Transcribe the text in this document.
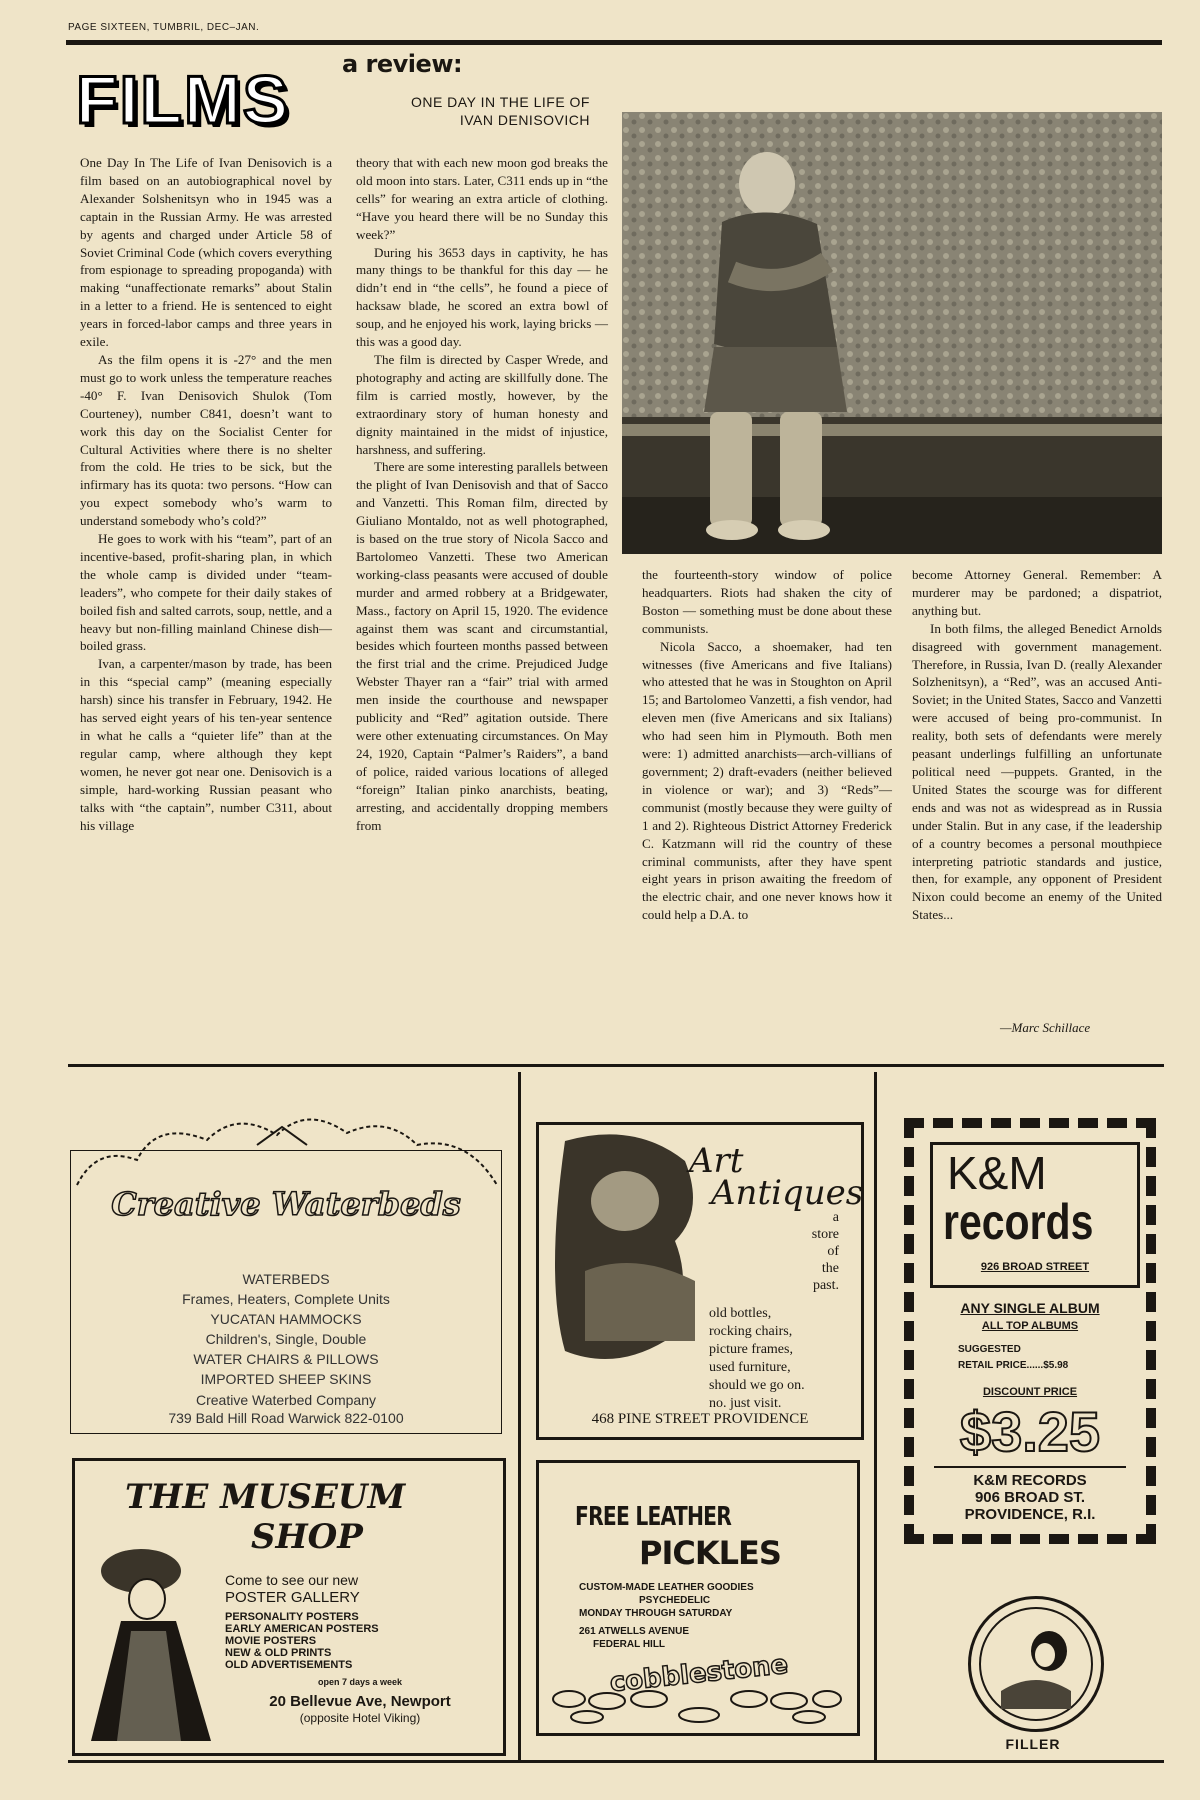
PAGE SIXTEEN, TUMBRIL, DEC–JAN.
FILMS a review:
ONE DAY IN THE LIFE OF
IVAN DENISOVICH

One Day In The Life of Ivan Denisovich is a film based on an autobiographical novel by Alexander Solshenitsyn who in 1945 was a captain in the Russian Army. He was arrested by agents and charged under Article 58 of Soviet Criminal Code (which covers everything from espionage to spreading propoganda) with making “unaffectionate remarks” about Stalin in a letter to a friend. He is sentenced to eight years in forced-labor camps and three years in exile.

As the film opens it is -27° and the men must go to work unless the temperature reaches -40° F. Ivan Denisovich Shulok (Tom Courteney), number C841, doesn’t want to work this day on the Socialist Center for Cultural Activities where there is no shelter from the cold. He tries to be sick, but the infirmary has its quota: two persons. “How can you expect somebody who’s warm to understand somebody who’s cold?”

He goes to work with his “team”, part of an incentive-based, profit-sharing plan, in which the whole camp is divided under “team-leaders”, who compete for their daily stakes of boiled fish and salted carrots, soup, nettle, and a heavy but non-filling mainland Chinese dish—boiled grass.

Ivan, a carpenter/mason by trade, has been in this “special camp” (meaning especially harsh) since his transfer in February, 1942. He has served eight years of his ten-year sentence in what he calls a “quieter life” than at the regular camp, where although they kept women, he never got near one. Denisovich is a simple, hard-working Russian peasant who talks with “the captain”, number C311, about his village

theory that with each new moon god breaks the old moon into stars. Later, C311 ends up in “the cells” for wearing an extra article of clothing. “Have you heard there will be no Sunday this week?”

During his 3653 days in captivity, he has many things to be thankful for this day — he didn’t end in “the cells”, he found a piece of hacksaw blade, he scored an extra bowl of soup, and he enjoyed his work, laying bricks — this was a good day.

The film is directed by Casper Wrede, and photography and acting are skillfully done. The film is carried mostly, however, by the extraordinary story of human honesty and dignity maintained in the midst of injustice, harshness, and suffering.

There are some interesting parallels between the plight of Ivan Denisovish and that of Sacco and Vanzetti. This Roman film, directed by Giuliano Montaldo, not as well photographed, is based on the true story of Nicola Sacco and Bartolomeo Vanzetti. These two American working-class peasants were accused of double murder and armed robbery at a Bridgewater, Mass., factory on April 15, 1920. The evidence against them was scant and circumstantial, besides which fourteen months passed between the first trial and the crime. Prejudiced Judge Webster Thayer ran a “fair” trial with armed men inside the courthouse and newspaper publicity and “Red” agitation outside. There were other extenuating circumstances. On May 24, 1920, Captain “Palmer’s Raiders”, a band of police, raided various locations of alleged “foreign” Italian pinko anarchists, beating, arresting, and accidentally dropping members from

the fourteenth-story window of police headquarters. Riots had shaken the city of Boston — something must be done about these communists.

Nicola Sacco, a shoemaker, had ten witnesses (five Americans and five Italians) who attested that he was in Stoughton on April 15; and Bartolomeo Vanzetti, a fish vendor, had eleven men (five Americans and six Italians) who had seen him in Plymouth. Both men were: 1) admitted anarchists—arch-villians of government; 2) draft-evaders (neither believed in violence or war); and 3) “Reds”—communist (mostly because they were guilty of 1 and 2). Righteous District Attorney Frederick C. Katzmann will rid the country of these criminal communists, after they have spent eight years in prison awaiting the freedom of the electric chair, and one never knows how it could help a D.A. to

become Attorney General. Remember: A murderer may be pardoned; a dispatriot, anything but.

In both films, the alleged Benedict Arnolds disagreed with government management. Therefore, in Russia, Ivan D. (really Alexander Solzhenitsyn), a “Red”, was an accused Anti-Soviet; in the United States, Sacco and Vanzetti were accused of being pro-communist. In reality, both sets of defendants were merely peasant underlings fulfilling an unfortunate political need —puppets. Granted, in the United States the scourge was for different ends and was not as widespread as in Russia under Stalin. But in any case, if the leadership of a country becomes a personal mouthpiece interpreting patriotic standards and justice, then, for example, any opponent of President Nixon could become an enemy of the United States...

—Marc Schillace
Creative Waterbeds
WATERBEDS
Frames, Heaters, Complete Units
YUCATAN HAMMOCKS
Children's, Single, Double
WATER CHAIRS & PILLOWS
IMPORTED SHEEP SKINS
Creative Waterbed Company
739 Bald Hill Road Warwick 822-0100
Art
Antiques
a
store
of
the
past.
old bottles,
rocking chairs,
picture frames,
used furniture,
should we go on.
no. just visit.
468 PINE STREET PROVIDENCE
K&M
records
926 BROAD STREET
ANY SINGLE ALBUM
ALL TOP ALBUMS
SUGGESTED
RETAIL PRICE......$5.98
DISCOUNT PRICE
$3.25
K&M RECORDS
906 BROAD ST.
PROVIDENCE, R.I.
THE MUSEUM
SHOP
Come to see our new
POSTER GALLERY
PERSONALITY POSTERS
EARLY AMERICAN POSTERS
MOVIE POSTERS
NEW & OLD PRINTS
OLD ADVERTISEMENTS
open 7 days a week
20 Bellevue Ave, Newport
(opposite Hotel Viking)
FREE LEATHER
PICKLES
CUSTOM-MADE LEATHER GOODIES
PSYCHEDELIC
MONDAY THROUGH SATURDAY
261 ATWELLS AVENUE
FEDERAL HILL
cobblestone
FILLER
